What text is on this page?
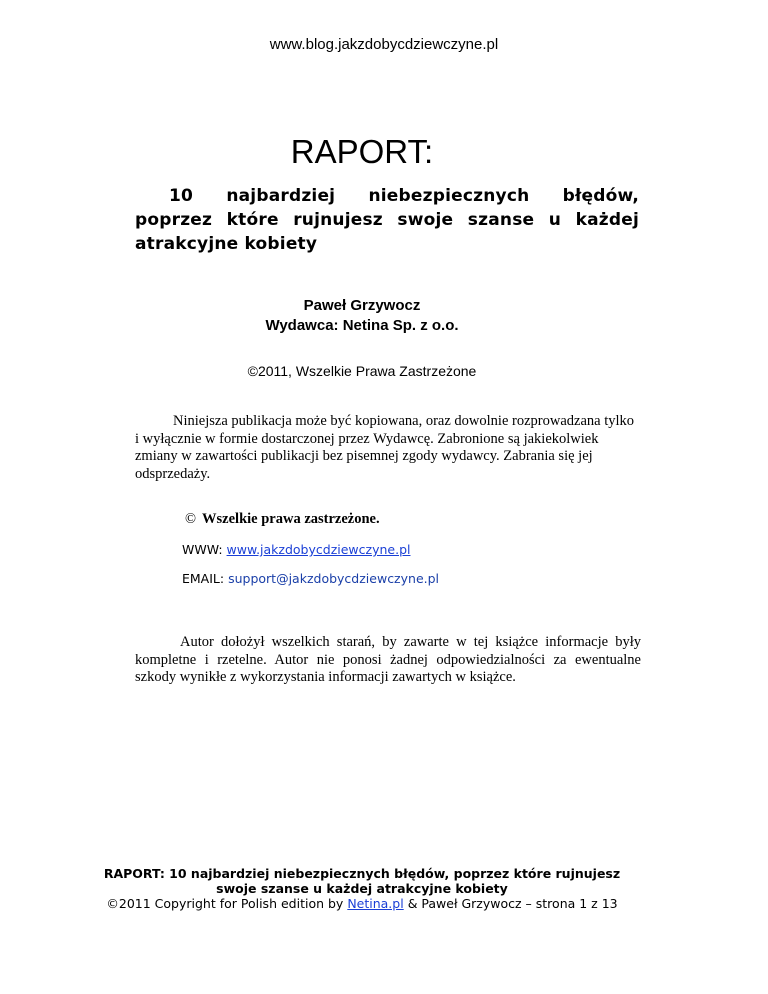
www.blog.jakzdobycdziewczyne.pl
RAPORT:

10 najbardziej niebezpiecznych błędów, poprzez które rujnujesz swoje szanse u każdej atrakcyjne kobiety

Paweł Grzywocz
Wydawca: Netina Sp. z o.o.
©2011, Wszelkie Prawa Zastrzeżone

Niniejsza publikacja może być kopiowana, oraz dowolnie rozprowadzana tylko i wyłącznie w formie dostarczonej przez Wydawcę. Zabronione są jakiekolwiek zmiany w zawartości publikacji bez pisemnej zgody wydawcy. Zabrania się jej odsprzedaży.

© Wszelkie prawa zastrzeżone.
WWW: www.jakzdobycdziewczyne.pl
EMAIL: support@jakzdobycdziewczyne.pl

Autor dołożył wszelkich starań, by zawarte w tej książce informacje były kompletne i rzetelne. Autor nie ponosi żadnej odpowiedzialności za ewentualne szkody wynikłe z wykorzystania informacji zawartych w książce.

RAPORT: 10 najbardziej niebezpiecznych błędów, poprzez które rujnujesz
swoje szanse u każdej atrakcyjne kobiety
©2011 Copyright for Polish edition by Netina.pl & Paweł Grzywocz – strona 1 z 13
